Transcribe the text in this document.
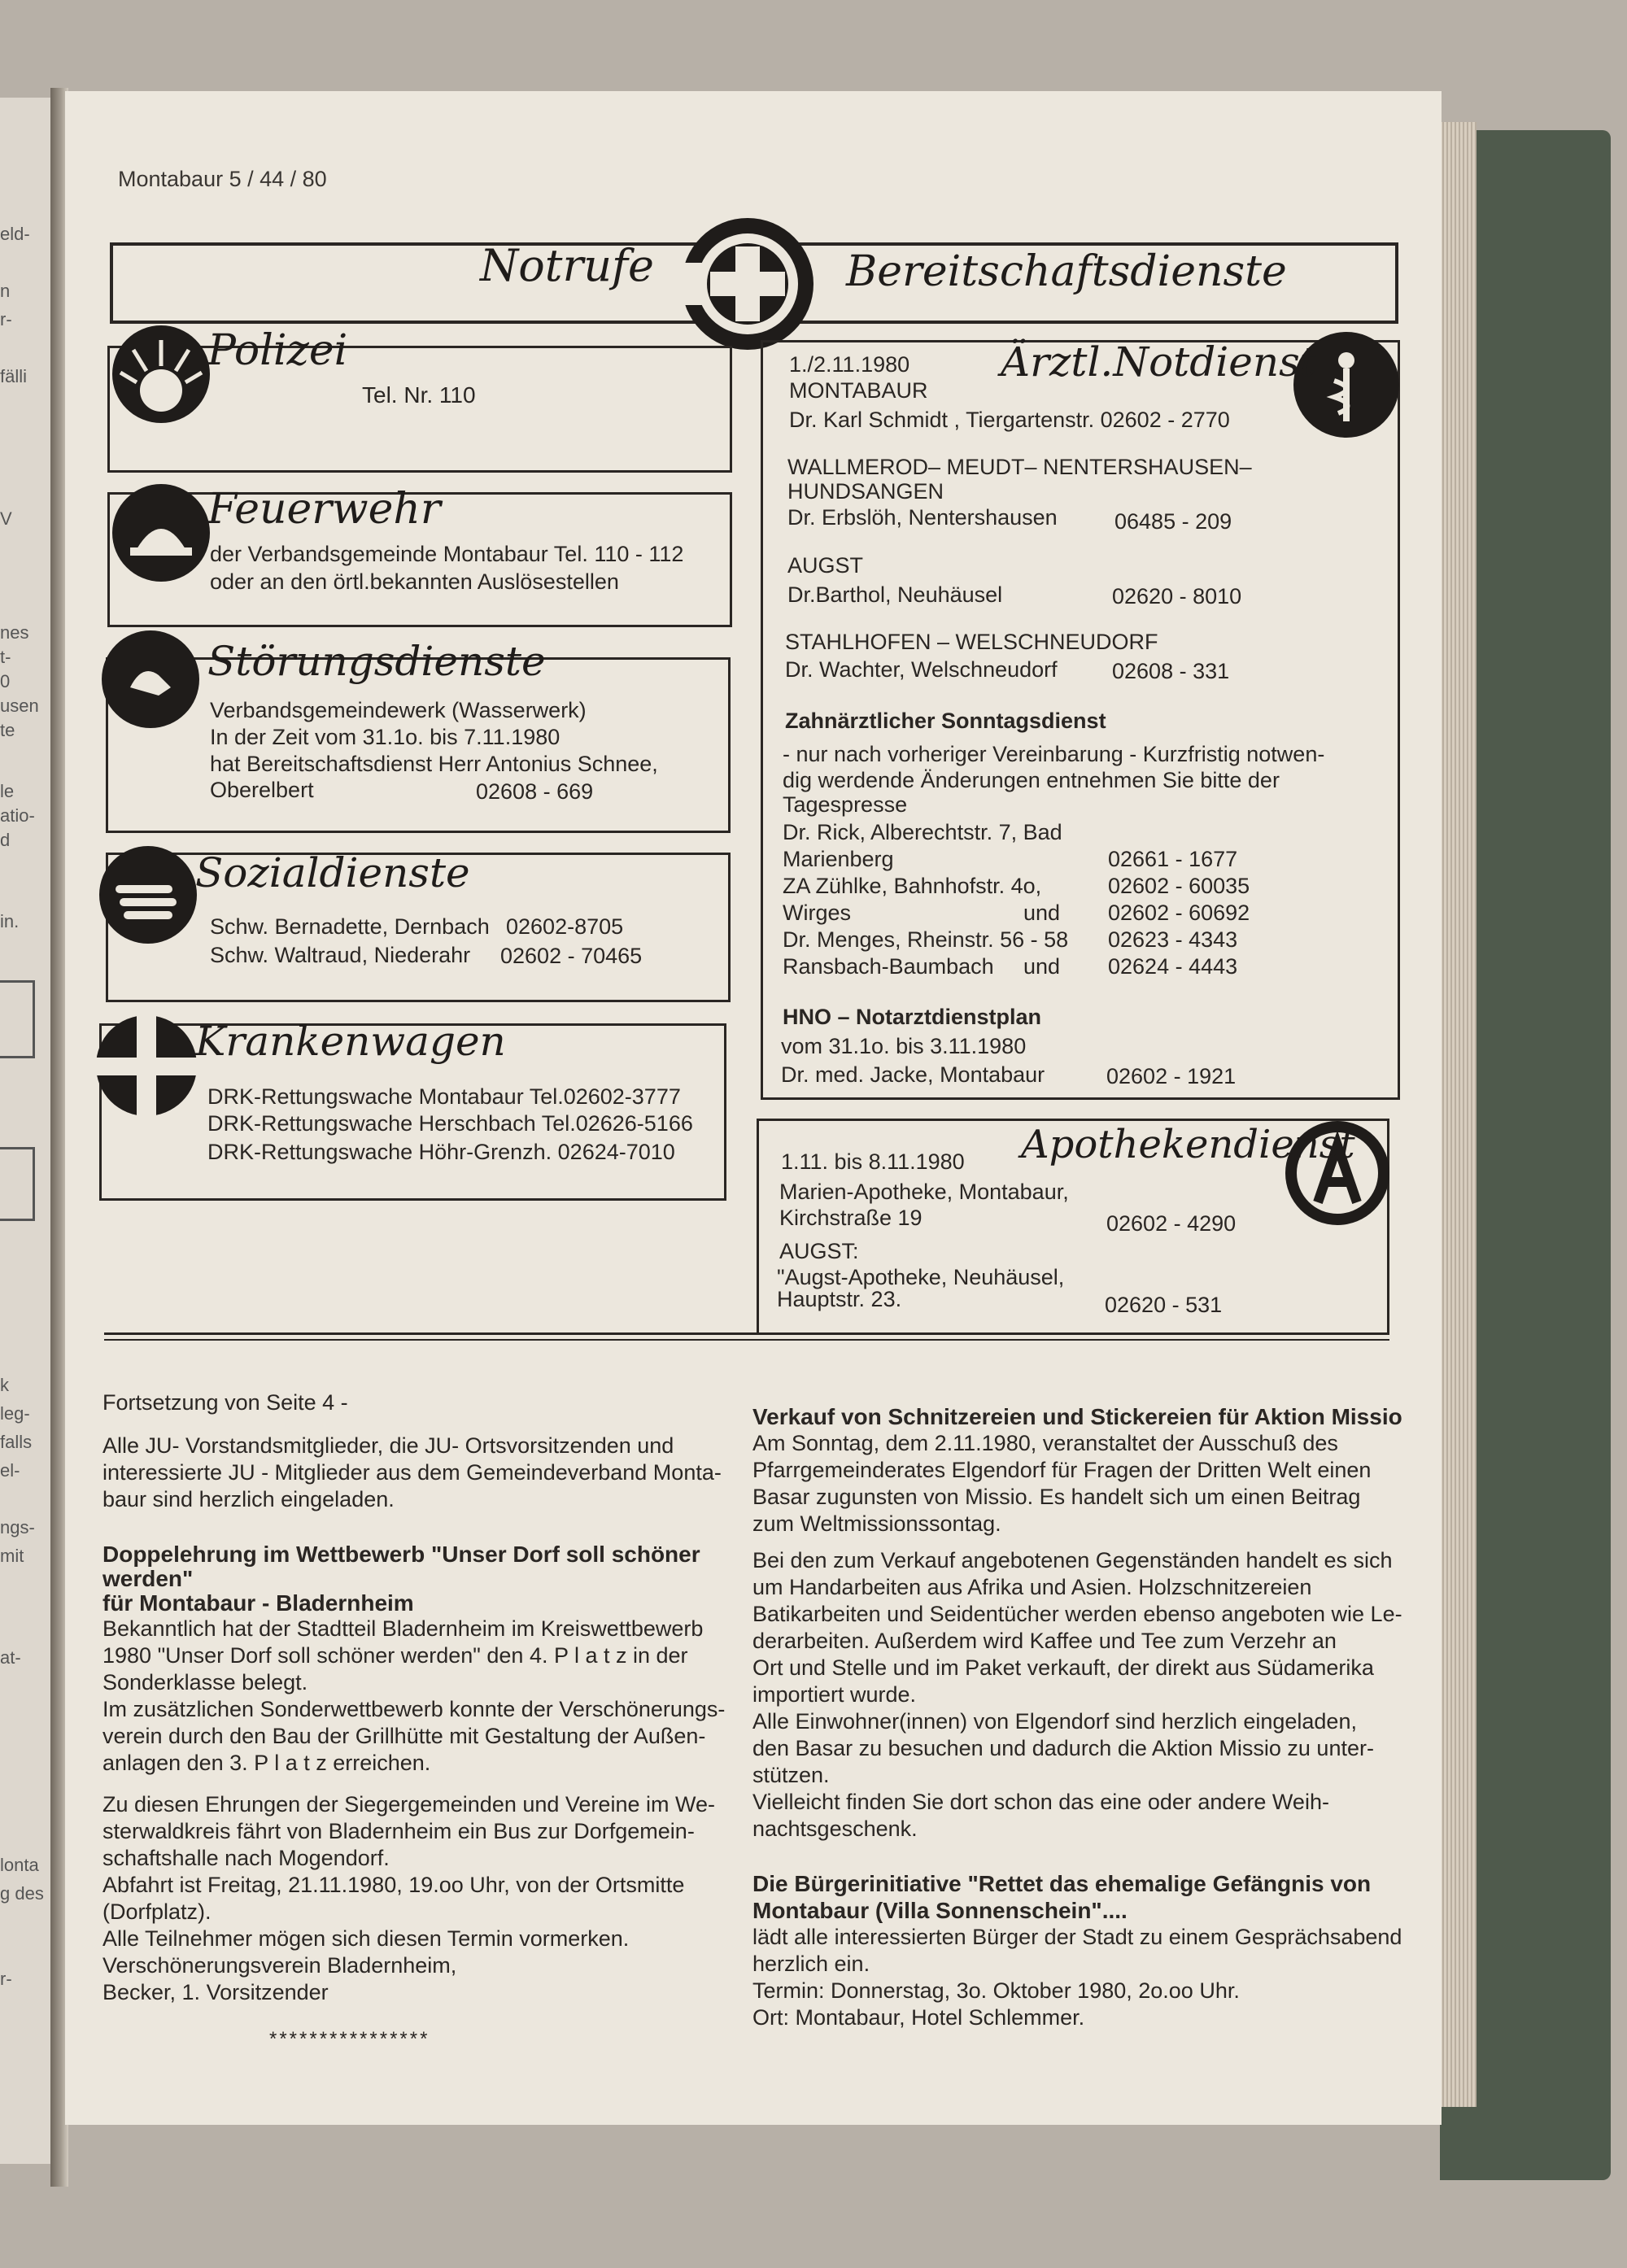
eld-
n
r-
fälli
V
nes
t-
0
usen
te
le
atio-
d
in.
k
leg-
falls
el-
ngs-
mit
at-
lonta
g des
r-
Montabaur 5 / 44 / 80
Notrufe	Bereitschaftsdienste
Polizei
Tel. Nr. 110
Feuerwehr
der Verbandsgemeinde Montabaur Tel. 110 - 112
oder an den örtl.bekannten Auslösestellen
Störungsdienste
Verbandsgemeindewerk (Wasserwerk)
In der Zeit vom 31.1o. bis 7.11.1980
hat Bereitschaftsdienst Herr Antonius Schnee,
Oberelbert	02608 - 669
Sozialdienste
Schw. Bernadette, Dernbach 02602-8705
Schw. Waltraud, Niederahr 02602 - 70465
Krankenwagen
DRK-Rettungswache Montabaur Tel.02602-3777
DRK-Rettungswache Herschbach Tel.02626-5166
DRK-Rettungswache Höhr-Grenzh. 02624-7010
Ärztl.Notdienst
1./2.11.1980
MONTABAUR
Dr. Karl Schmidt , Tiergartenstr. 02602 - 2770
WALLMEROD– MEUDT– NENTERSHAUSEN–
HUNDSANGEN
Dr. Erbslöh, Nentershausen	06485 - 209
AUGST
Dr.Barthol, Neuhäusel	02620 - 8010
STAHLHOFEN – WELSCHNEUDORF
Dr. Wachter, Welschneudorf 02608 - 331
Zahnärztlicher Sonntagsdienst
- nur nach vorheriger Vereinbarung - Kurzfristig notwen-
dig werdende Änderungen entnehmen Sie bitte der
Tagespresse
Dr. Rick, Alberechtstr. 7, Bad
Marienberg	02661 - 1677
ZA Zühlke, Bahnhofstr. 4o,	02602 - 60035
Wirges	und 02602 - 60692
Dr. Menges, Rheinstr. 56 - 58 02623 - 4343
Ransbach-Baumbach und 02624 - 4443
HNO – Notarztdienstplan
vom 31.1o. bis 3.11.1980
Dr. med. Jacke, Montabaur	02602 - 1921
Apothekendienst
1.11. bis 8.11.1980
Marien-Apotheke, Montabaur,
Kirchstraße 19	02602 - 4290
AUGST:
"Augst-Apotheke, Neuhäusel,
Hauptstr. 23.	02620 - 531

Fortsetzung von Seite 4 -

Alle JU- Vorstandsmitglieder, die JU- Ortsvorsitzenden und

interessierte JU - Mitglieder aus dem Gemeindeverband Monta-

baur sind herzlich eingeladen.

Doppelehrung im Wettbewerb "Unser Dorf soll schöner werden"

für Montabaur - Bladernheim

Bekanntlich hat der Stadtteil Bladernheim im Kreiswettbewerb

1980 "Unser Dorf soll schöner werden" den 4. P l a t z in der

Sonderklasse belegt.

Im zusätzlichen Sonderwettbewerb konnte der Verschönerungs-

verein durch den Bau der Grillhütte mit Gestaltung der Außen-

anlagen den 3. P l a t z erreichen.

Zu diesen Ehrungen der Siegergemeinden und Vereine im We-

sterwaldkreis fährt von Bladernheim ein Bus zur Dorfgemein-

schaftshalle nach Mogendorf.

Abfahrt ist Freitag, 21.11.1980, 19.oo Uhr, von der Ortsmitte

(Dorfplatz).

Alle Teilnehmer mögen sich diesen Termin vormerken.

Verschönerungsverein Bladernheim,

Becker, 1. Vorsitzender

****************

Verkauf von Schnitzereien und Stickereien für Aktion Missio

Am Sonntag, dem 2.11.1980, veranstaltet der Ausschuß des

Pfarrgemeinderates Elgendorf für Fragen der Dritten Welt einen

Basar zugunsten von Missio. Es handelt sich um einen Beitrag

zum Weltmissionssontag.

Bei den zum Verkauf angebotenen Gegenständen handelt es sich

um Handarbeiten aus Afrika und Asien. Holzschnitzereien

Batikarbeiten und Seidentücher werden ebenso angeboten wie Le-

derarbeiten. Außerdem wird Kaffee und Tee zum Verzehr an

Ort und Stelle und im Paket verkauft, der direkt aus Südamerika

importiert wurde.

Alle Einwohner(innen) von Elgendorf sind herzlich eingeladen,

den Basar zu besuchen und dadurch die Aktion Missio zu unter-

stützen.

Vielleicht finden Sie dort schon das eine oder andere Weih-

nachtsgeschenk.

Die Bürgerinitiative "Rettet das ehemalige Gefängnis von

Montabaur (Villa Sonnenschein"....

lädt alle interessierten Bürger der Stadt zu einem Gesprächsabend

herzlich ein.

Termin: Donnerstag, 3o. Oktober 1980, 2o.oo Uhr.

Ort: Montabaur, Hotel Schlemmer.
